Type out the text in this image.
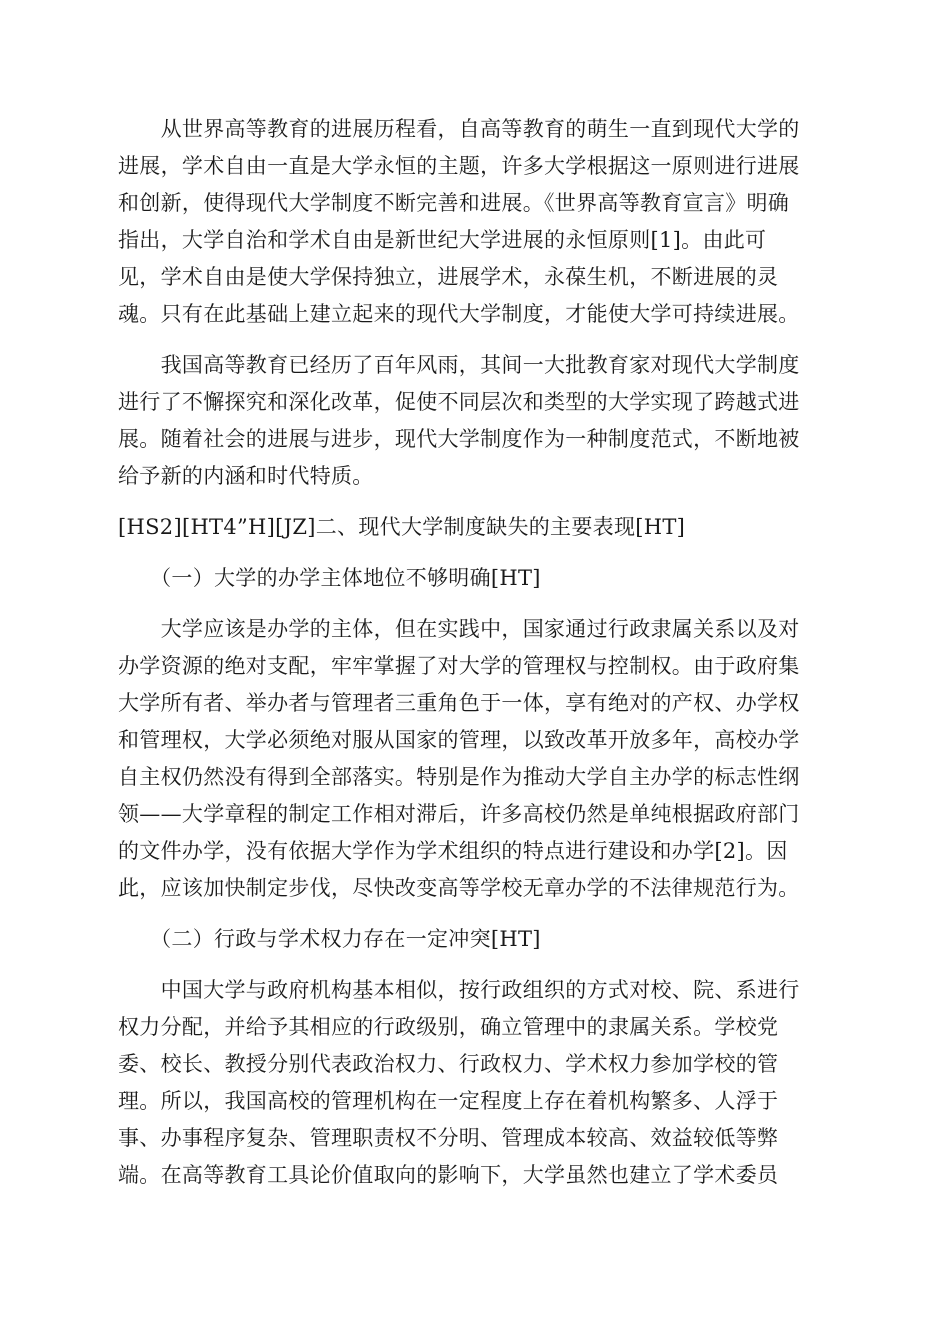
　　从世界高等教育的进展历程看，自高等教育的萌生一直到现代大学的
进展，学术自由一直是大学永恒的主题，许多大学根据这一原则进行进展
和创新，使得现代大学制度不断完善和进展。《世界高等教育宣言》明确
指出，大学自治和学术自由是新世纪大学进展的永恒原则[1]。由此可
见，学术自由是使大学保持独立，进展学术，永葆生机，不断进展的灵
魂。只有在此基础上建立起来的现代大学制度，才能使大学可持续进展。

　　我国高等教育已经历了百年风雨，其间一大批教育家对现代大学制度
进行了不懈探究和深化改革，促使不同层次和类型的大学实现了跨越式进
展。随着社会的进展与进步，现代大学制度作为一种制度范式，不断地被
给予新的内涵和时代特质。

[HS2][HT4”H][JZ]二、现代大学制度缺失的主要表现[HT]

　　（一）大学的办学主体地位不够明确[HT]

　　大学应该是办学的主体，但在实践中，国家通过行政隶属关系以及对
办学资源的绝对支配，牢牢掌握了对大学的管理权与控制权。由于政府集
大学所有者、举办者与管理者三重角色于一体，享有绝对的产权、办学权
和管理权，大学必须绝对服从国家的管理，以致改革开放多年，高校办学
自主权仍然没有得到全部落实。特别是作为推动大学自主办学的标志性纲
领——大学章程的制定工作相对滞后，许多高校仍然是单纯根据政府部门
的文件办学，没有依据大学作为学术组织的特点进行建设和办学[2]。因
此，应该加快制定步伐，尽快改变高等学校无章办学的不法律规范行为。

　　（二）行政与学术权力存在一定冲突[HT]

　　中国大学与政府机构基本相似，按行政组织的方式对校、院、系进行
权力分配，并给予其相应的行政级别，确立管理中的隶属关系。学校党
委、校长、教授分别代表政治权力、行政权力、学术权力参加学校的管
理。所以，我国高校的管理机构在一定程度上存在着机构繁多、人浮于
事、办事程序复杂、管理职责权不分明、管理成本较高、效益较低等弊
端。在高等教育工具论价值取向的影响下，大学虽然也建立了学术委员
